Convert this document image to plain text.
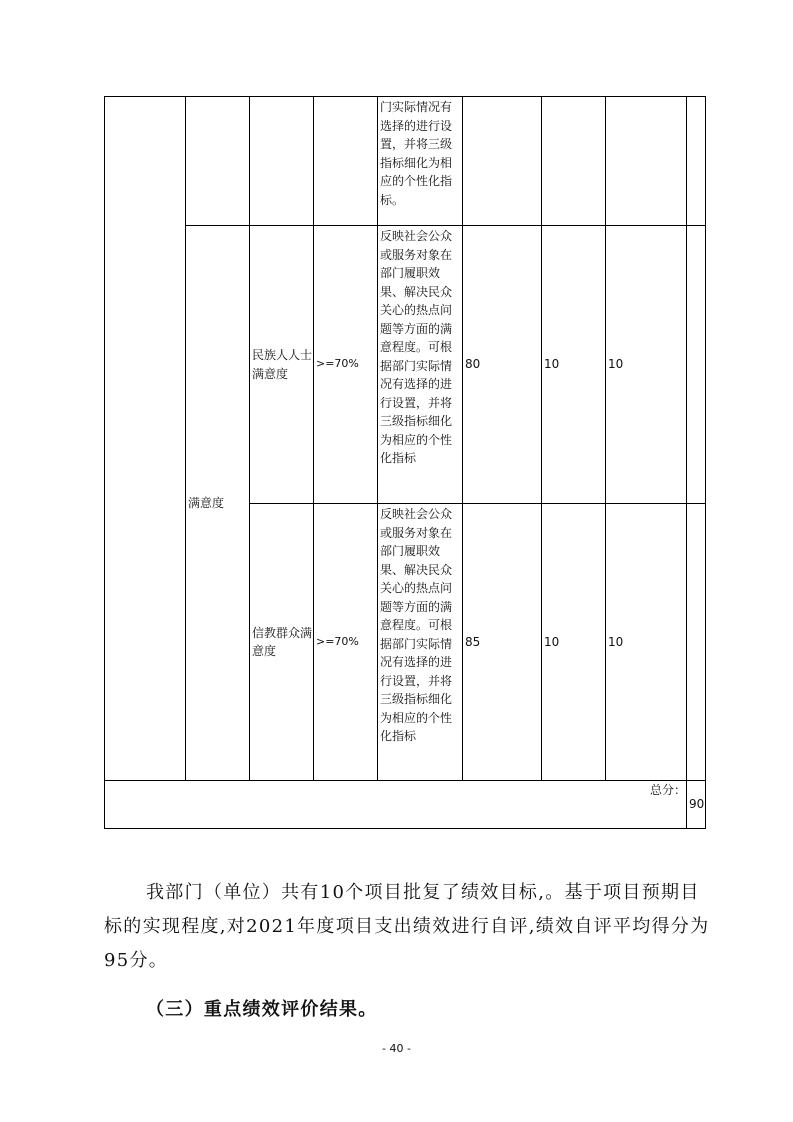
				门实际情况有选择的进行设置，并将三级指标细化为相应的个性化指标。				
	满意度	民族人人士满意度	>=70%	反映社会公众或服务对象在部门履职效果、解决民众关心的热点问题等方面的满意程度。可根据部门实际情况有选择的进行设置，并将三级指标细化为相应的个性化指标	80	10	10	
		信教群众满意度	>=70%	反映社会公众或服务对象在部门履职效果、解决民众关心的热点问题等方面的满意程度。可根据部门实际情况有选择的进行设置，并将三级指标细化为相应的个性化指标	85	10	10	
总分：								90

我部门（单位）共有10个项目批复了绩效目标,。基于项目预期目标的实现程度,对2021年度项目支出绩效进行自评,绩效自评平均得分为95分。

（三）重点绩效评价结果。

- 40 -
